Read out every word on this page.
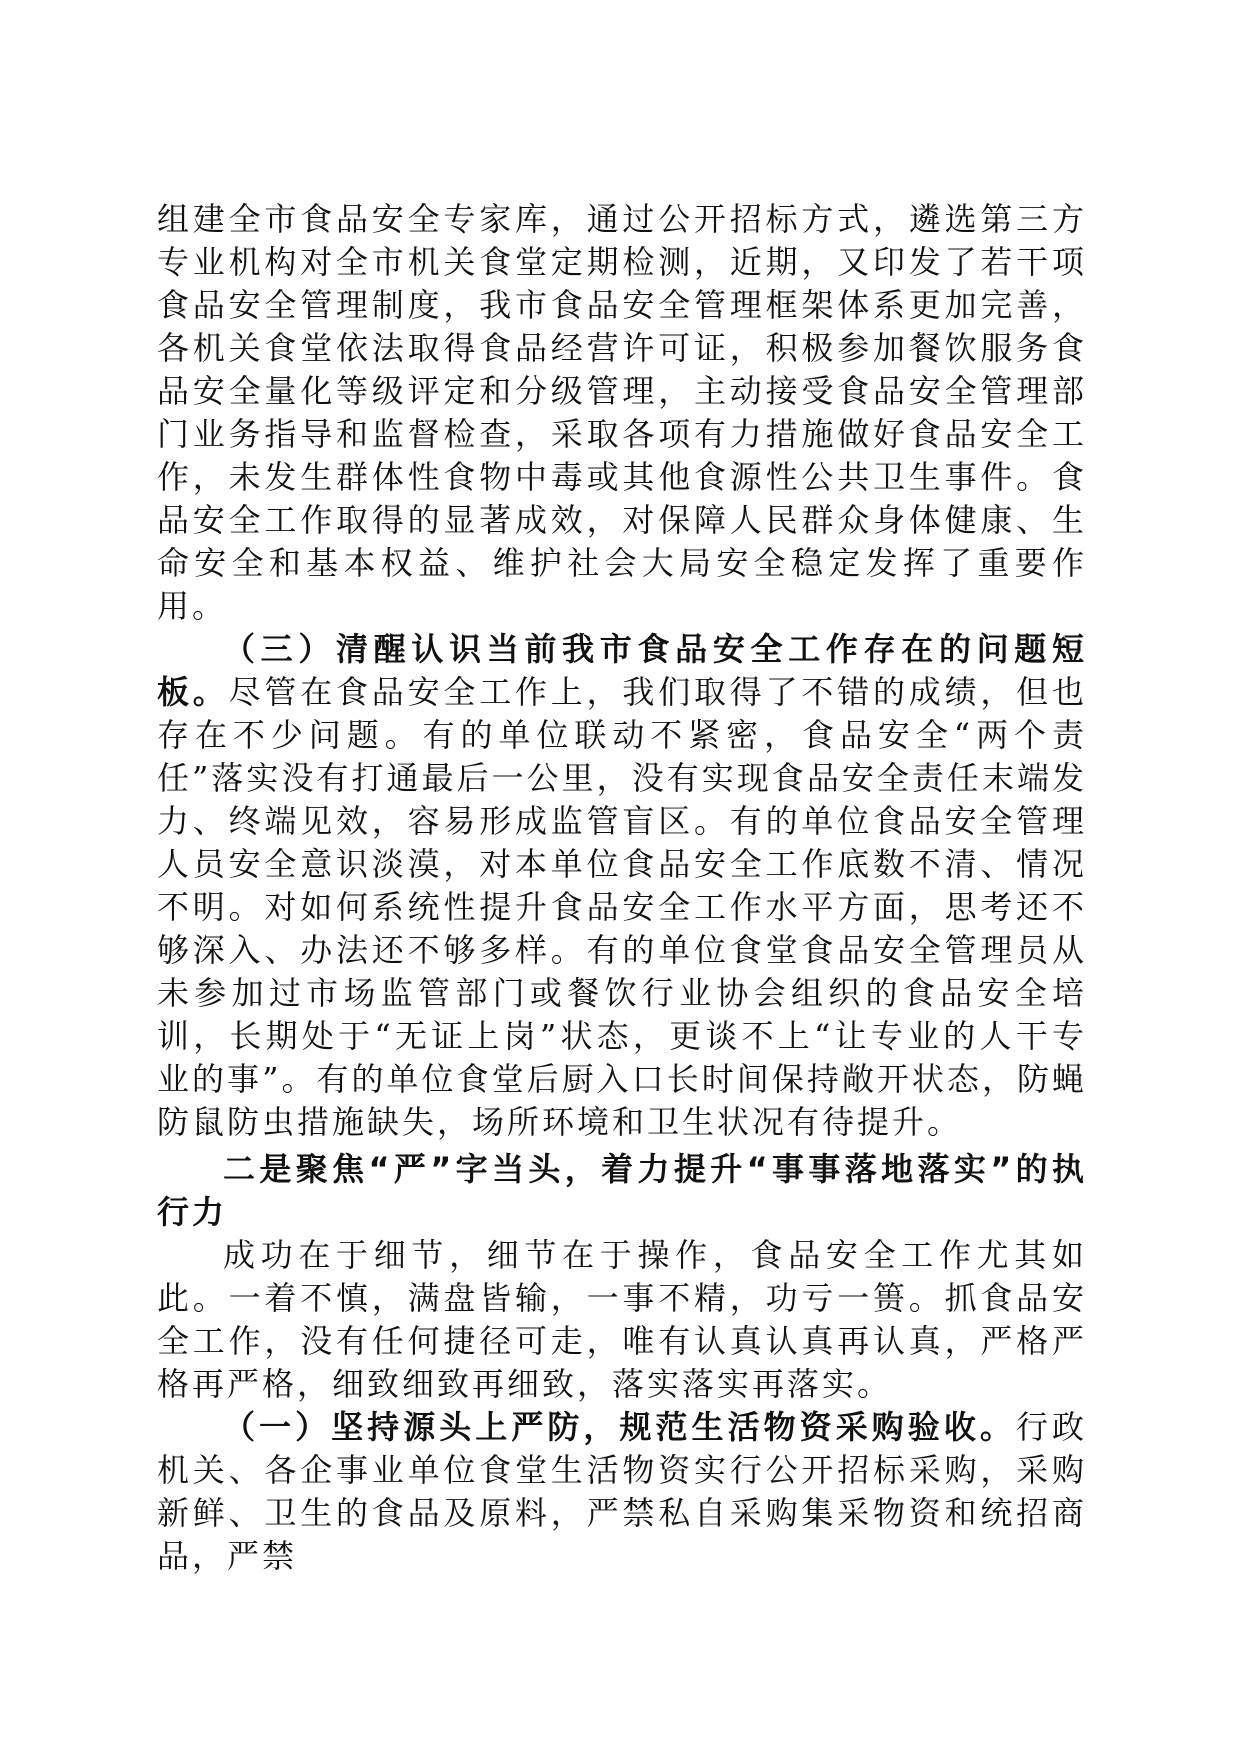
组建全市食品安全专家库，通过公开招标方式，遴选第三方专业机构对全市机关食堂定期检测，近期，又印发了若干项食品安全管理制度，我市食品安全管理框架体系更加完善，各机关食堂依法取得食品经营许可证，积极参加餐饮服务食品安全量化等级评定和分级管理，主动接受食品安全管理部门业务指导和监督检查，采取各项有力措施做好食品安全工作，未发生群体性食物中毒或其他食源性公共卫生事件。食品安全工作取得的显著成效，对保障人民群众身体健康、生命安全和基本权益、维护社会大局安全稳定发挥了重要作用。

（三）清醒认识当前我市食品安全工作存在的问题短板。尽管在食品安全工作上，我们取得了不错的成绩，但也存在不少问题。有的单位联动不紧密，食品安全“两个责任”落实没有打通最后一公里，没有实现食品安全责任末端发力、终端见效，容易形成监管盲区。有的单位食品安全管理人员安全意识淡漠，对本单位食品安全工作底数不清、情况不明。对如何系统性提升食品安全工作水平方面，思考还不够深入、办法还不够多样。有的单位食堂食品安全管理员从未参加过市场监管部门或餐饮行业协会组织的食品安全培训，长期处于“无证上岗”状态，更谈不上“让专业的人干专业的事”。有的单位食堂后厨入口长时间保持敞开状态，防蝇防鼠防虫措施缺失，场所环境和卫生状况有待提升。

二是聚焦“严”字当头，着力提升“事事落地落实”的执行力

成功在于细节，细节在于操作，食品安全工作尤其如此。一着不慎，满盘皆输，一事不精，功亏一篑。抓食品安全工作，没有任何捷径可走，唯有认真认真再认真，严格严格再严格，细致细致再细致，落实落实再落实。

（一）坚持源头上严防，规范生活物资采购验收。行政机关、各企事业单位食堂生活物资实行公开招标采购，采购新鲜、卫生的食品及原料，严禁私自采购集采物资和统招商品，严禁
